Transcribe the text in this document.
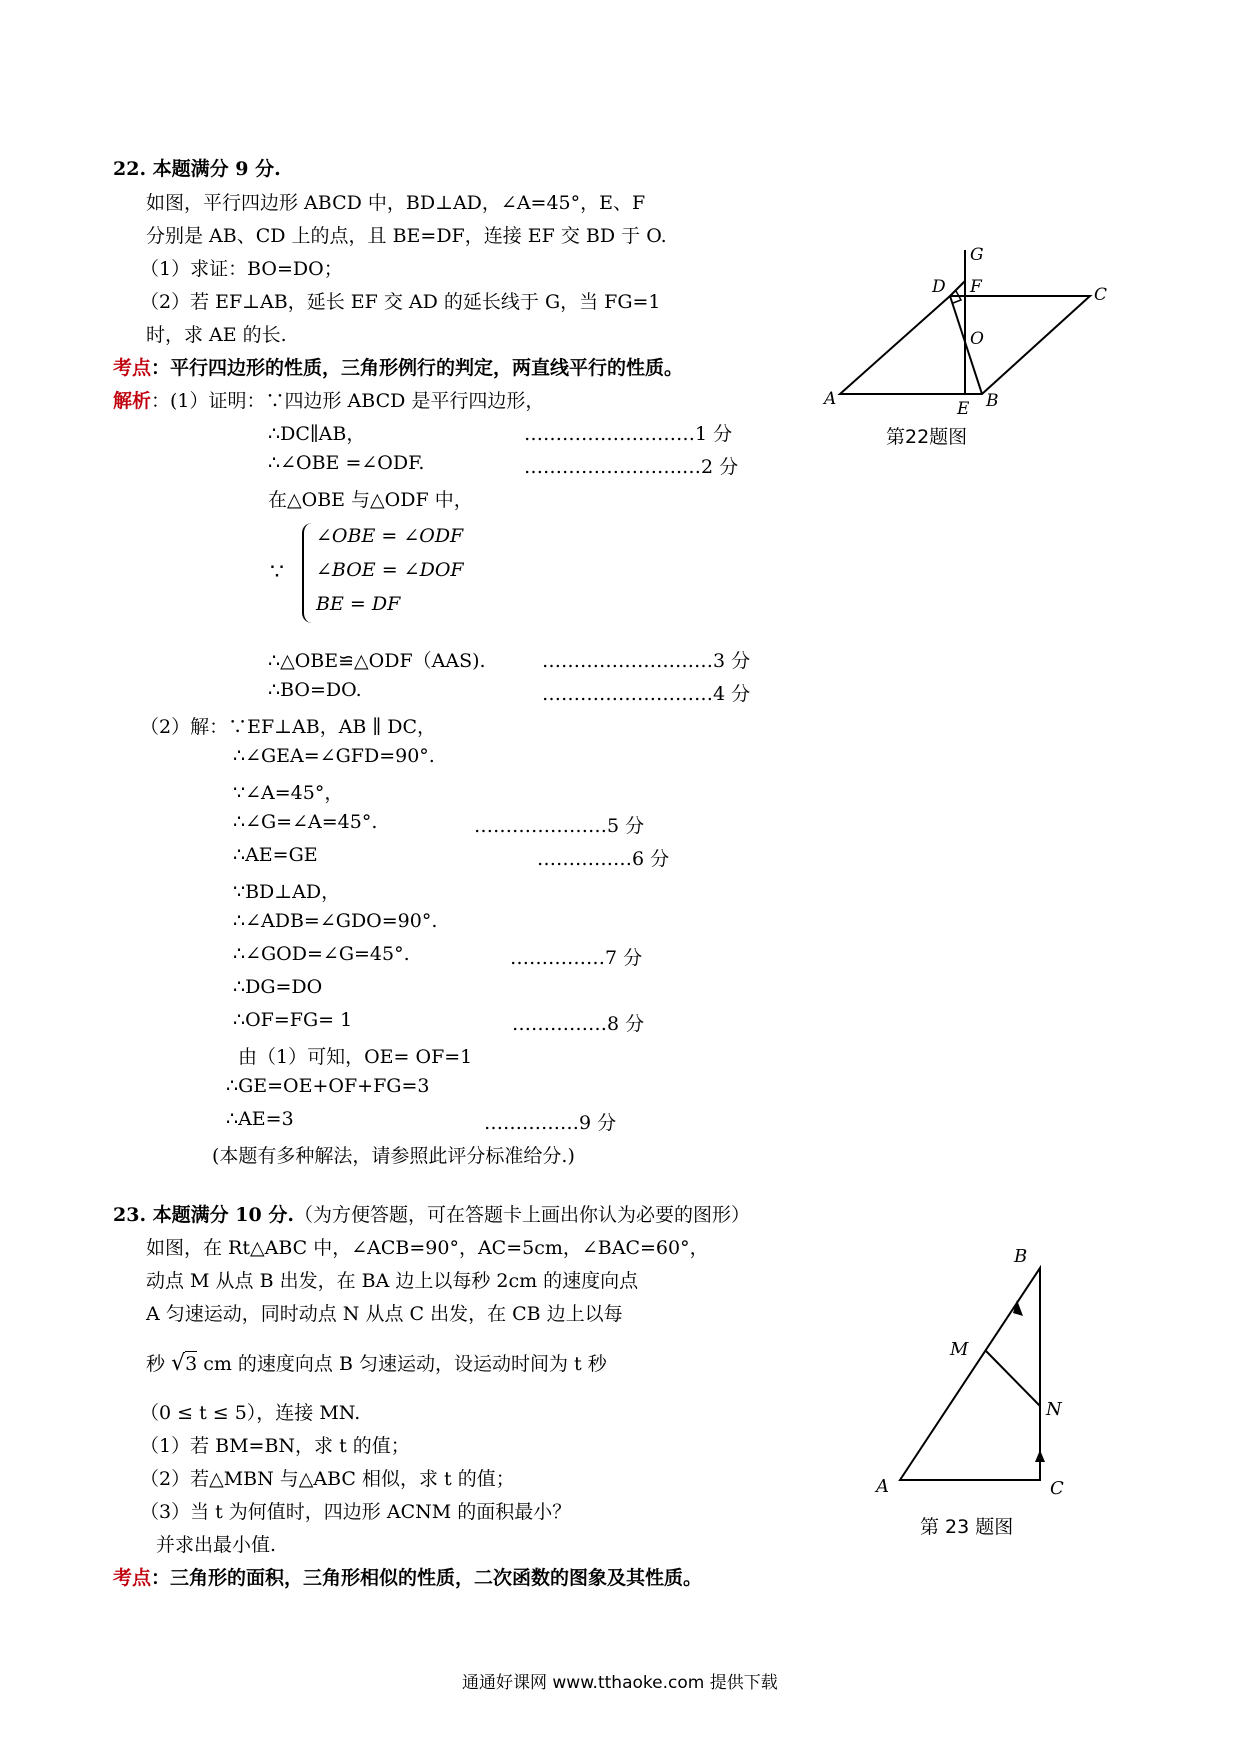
22. 本题满分 9 分.
如图，平行四边形 ABCD 中，BD⊥AD，∠A=45°，E、F
分别是 AB、CD 上的点，且 BE=DF，连接 EF 交 BD 于 O.
（1）求证：BO=DO；
（2）若 EF⊥AB，延长 EF 交 AD 的延长线于 G，当 FG=1
时，求 AE 的长.
考点：平行四边形的性质，三角形例行的判定，两直线平行的性质。
解析：(1）证明：∵四边形 ABCD 是平行四边形，
∴DC∥AB，	………………………1 分
∴∠OBE =∠ODF.	…………………….…2 分
在△OBE 与△ODF 中，
∵
∠OBE = ∠ODF
∠BOE = ∠DOF
BE = DF
∴△OBE≌△ODF（AAS).	………………………3 分
∴BO=DO.	………………………4 分
（2）解：∵EF⊥AB，AB ∥ DC，
∴∠GEA=∠GFD=90°.
∵∠A=45°，
∴∠G=∠A=45°.	…………………5 分
∴AE=GE	……………6 分
∵BD⊥AD，
∴∠ADB=∠GDO=90°.
∴∠GOD=∠G=45°.	……………7 分
∴DG=DO
∴OF=FG= 1	……………8 分
由（1）可知，OE= OF=1
∴GE=OE+OF+FG=3
∴AE=3	……………9 分
(本题有多种解法，请参照此评分标准给分.)
G
D F	C
O
A	E B
第22题图
23. 本题满分 10 分.（为方便答题，可在答题卡上画出你认为必要的图形）
如图，在 Rt△ABC 中，∠ACB=90°，AC=5cm，∠BAC=60°，
动点 M 从点 B 出发，在 BA 边上以每秒 2cm 的速度向点
A 匀速运动，同时动点 N 从点 C 出发，在 CB 边上以每
秒 √3 cm 的速度向点 B 匀速运动，设运动时间为 t 秒
（0 ≤ t ≤ 5），连接 MN.
（1）若 BM=BN，求 t 的值；
（2）若△MBN 与△ABC 相似，求 t 的值；
（3）当 t 为何值时，四边形 ACNM 的面积最小？
并求出最小值.
考点：三角形的面积，三角形相似的性质，二次函数的图象及其性质。
B
M
N
A	C
第 23 题图
通通好课网 www.tthaoke.com 提供下载
